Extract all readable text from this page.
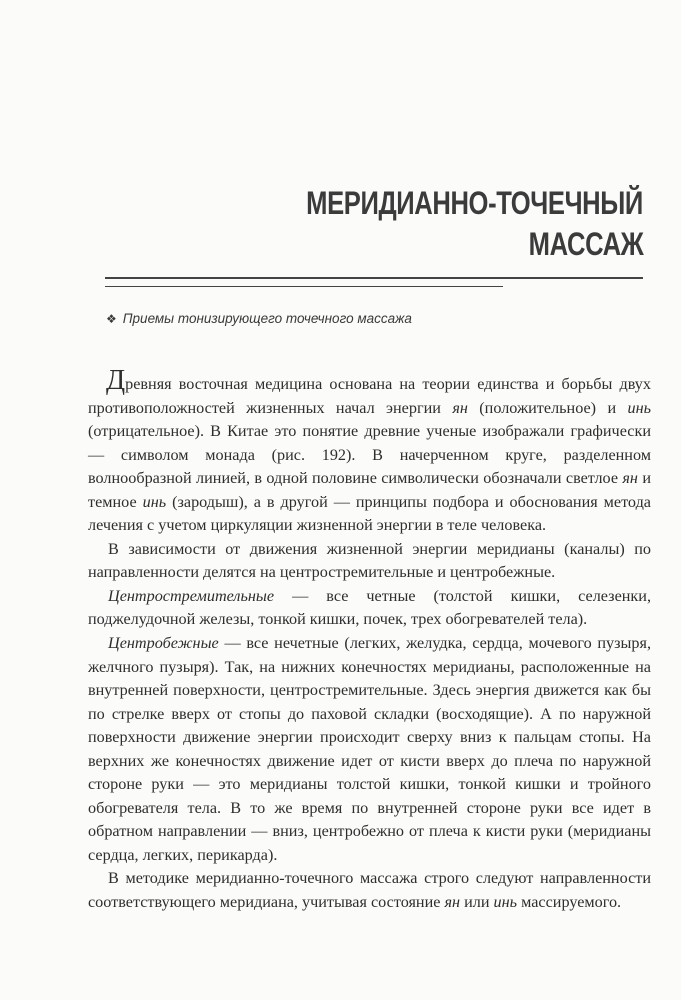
МЕРИДИАННО-ТОЧЕЧНЫЙ
МАССАЖ
❖ Приемы тонизирующего точечного массажа

Древняя восточная медицина основана на теории единства и борьбы двух противоположностей жизненных начал энергии ян (положительное) и инь (отрицательное). В Китае это понятие древние ученые изображали графически — символом монада (рис. 192). В начерченном круге, разделенном волнообразной линией, в одной половине символически обозначали светлое ян и темное инь (зародыш), а в другой — принципы подбора и обоснования метода лечения с учетом циркуляции жизненной энергии в теле человека.

В зависимости от движения жизненной энергии меридианы (каналы) по направленности делятся на центростремительные и центробежные.

Центростремительные — все четные (толстой кишки, селезенки, поджелудочной железы, тонкой кишки, почек, трех обогревателей тела).

Центробежные — все нечетные (легких, желудка, сердца, мочевого пузыря, желчного пузыря). Так, на нижних конечностях меридианы, расположенные на внутренней поверхности, центростремительные. Здесь энергия движется как бы по стрелке вверх от стопы до паховой складки (восходящие). А по наружной поверхности движение энергии происходит сверху вниз к пальцам стопы. На верхних же конечностях движение идет от кисти вверх до плеча по наружной стороне руки — это меридианы толстой кишки, тонкой кишки и тройного обогревателя тела. В то же время по внутренней стороне руки все идет в обратном направлении — вниз, центробежно от плеча к кисти руки (меридианы сердца, легких, перикарда).

В методике меридианно-точечного массажа строго следуют направленности соответствующего меридиана, учитывая состояние ян или инь массируемого.
